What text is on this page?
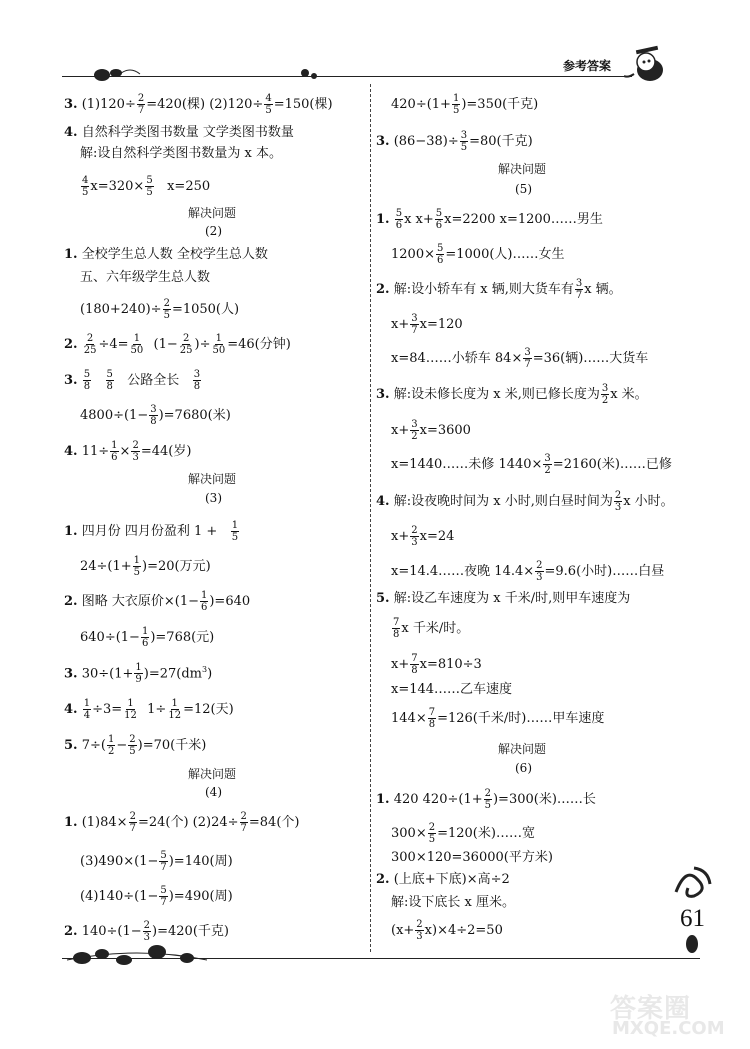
参考答案
3. $(1)120\div \frac{2}{7} =420$(棵) $(2)120\div \frac{4}{5} =150$(棵)
4. 自然科学类图书数量 文学类图书数量
解:设自然科学类图书数量为 x 本。
$\frac{4}{5} x=320\times \frac{5}{5} x=250$
解决问题
(2)
1. 全校学生总人数 全校学生总人数
五、六年级学生总人数
$(180+240)\div \frac{2}{5} =1050$(人)
2. $\frac{2}{25} \div 4= \frac{1}{50} (1- \frac{2}{25}$ )÷ $\frac{1}{50} =46$(分钟)
3. $\frac{5}{8}$
$\frac{5}{8}$ 公路全长 $\frac{3}{8}$
$4800\div(1- \frac{3}{8} )=7680$(米)
4. $11\div \frac{1}{6} \times \frac{2}{3} =44$(岁)
解决问题
(3)
1. 四月份 四月份盈利 $1 + \frac{1}{5}$
$24\div(1+ \frac{1}{5} )=20$(万元)
2. 图略 大衣原价$\times(1- \frac{1}{6} )=640$
$640\div(1- \frac{1}{6} )=768$(元)
3. $30\div(1+ \frac{1}{9} )=27(dm^3)$
4. $\frac{1}{4} \div 3= \frac{1}{12} 1\div \frac{1}{12} =12$(天)
5. $7\div( \frac{1}{2} - \frac{2}{5} )=70$(千米)
解决问题
(4)
1. $(1)84\times \frac{2}{7} =24$(个) $(2)24\div \frac{2}{7} =84$(个)
$(3)490\times(1- \frac{5}{7} )=140$(周)
$(4)140\div(1- \frac{5}{7} )=490$(周)
2. $140\div(1- \frac{2}{3} )=420$(千克)
$420\div(1+ \frac{1}{5} )=350$(千克)
3. $(86-38)\div \frac{3}{5} =80$(千克)
解决问题
(5)
1. $\frac{5}{6}$ x $x+ \frac{5}{6} x=2200$ x=1200……男生
$1200\times \frac{5}{6} =1000$(人)……女生
2. 解:设小轿车有 x 辆,则大货车有 $\frac{3}{7}$ x 辆。
$x+ \frac{3}{7} x=120$
x=84……小轿车 $84\times \frac{3}{7} =36$(辆)……大货车
3. 解:设未修长度为 x 米,则已修长度为 $\frac{3}{2}$ x 米。
$x+ \frac{3}{2} x=3600$
x=1440……未修 $1440\times \frac{3}{2} =2160$(米)……已修
4. 解:设夜晚时间为 x 小时,则白昼时间为 $\frac{2}{3}$ x 小时。
$x+ \frac{2}{3} x=24$
x=14.4……夜晚 $14.4\times \frac{2}{3} =9.6$(小时)……白昼
5. 解:设乙车速度为 x 千米/时,则甲车速度为
$\frac{7}{8}$ x 千米/时。
$x+ \frac{7}{8} x=810\div 3$
x=144……乙车速度
$144\times \frac{7}{8} =126$(千米/时)……甲车速度
解决问题
(6)
1. 420 $420\div(1+ \frac{2}{5} )=300$(米)……长
$300\times \frac{2}{5} =120$(米)……宽
300×120=36000(平方米)
2. (上底+下底)×高÷2
解:设下底长 x 厘米。
$(x+ \frac{2}{3} x)\times 4\div 2=50$	61
答案圈
MXQE.COM
